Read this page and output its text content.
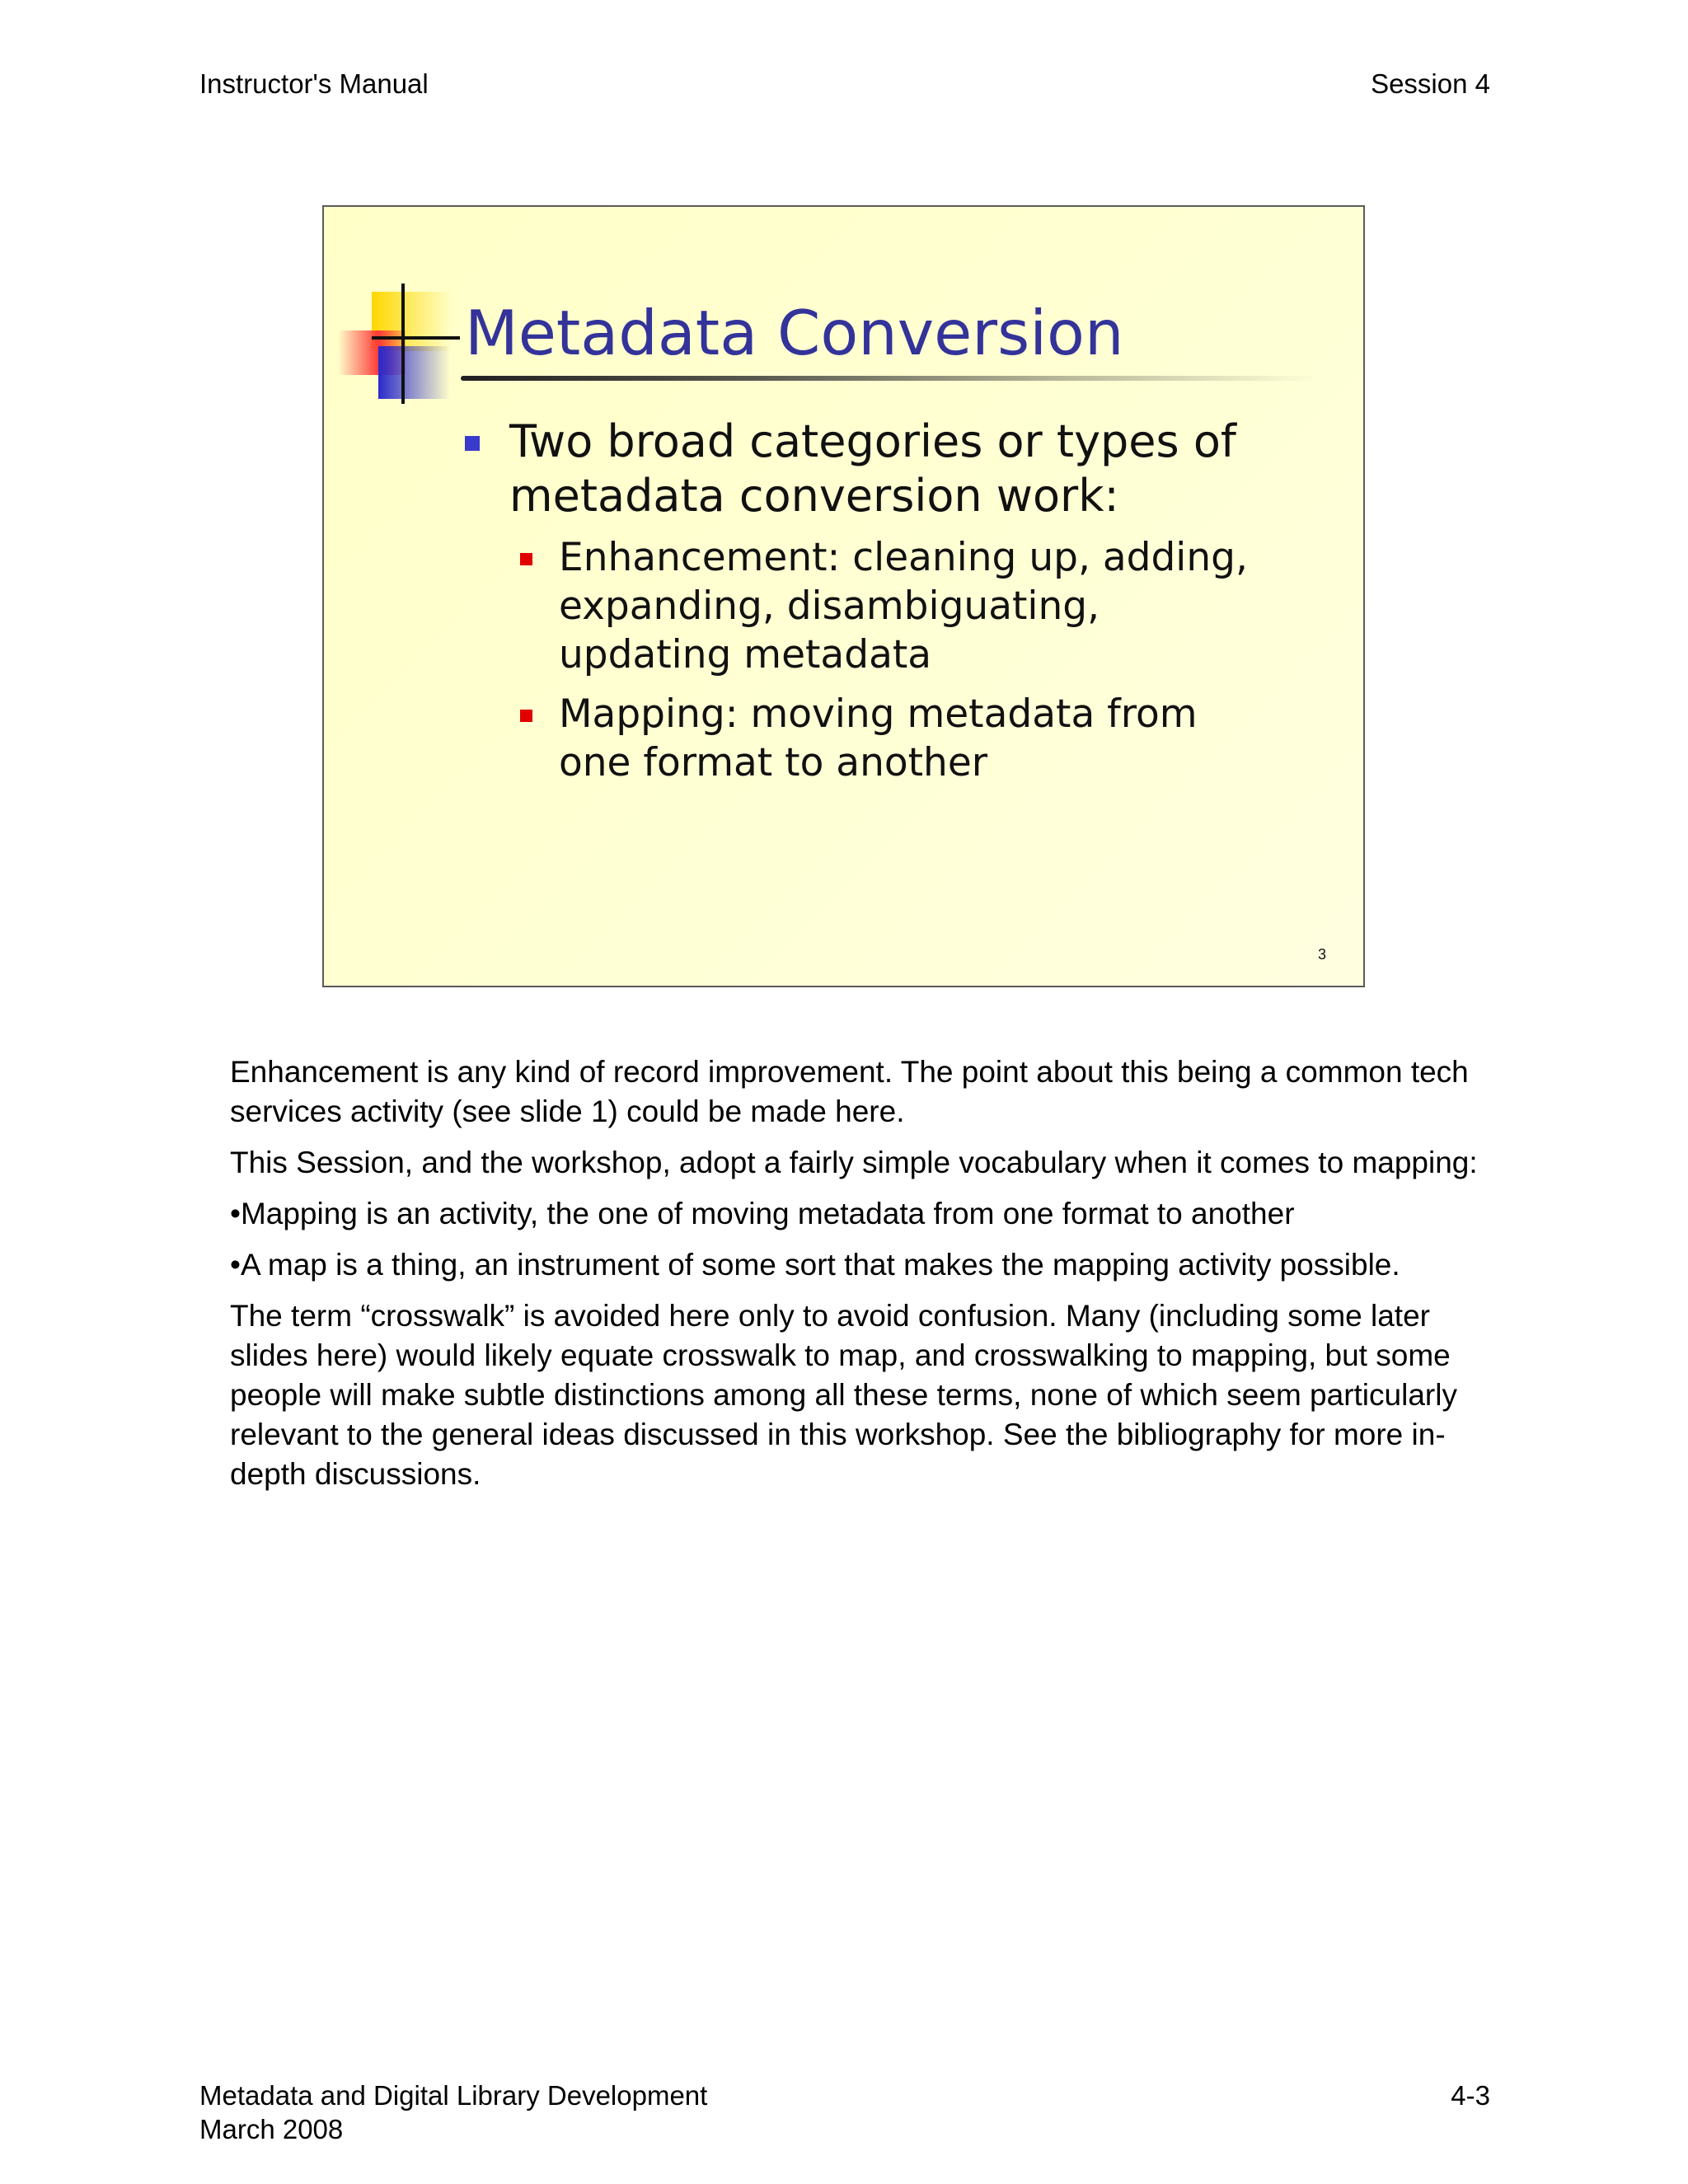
Instructor's Manual	Session 4
Metadata Conversion
Two broad categories or types of metadata conversion work:
Enhancement: cleaning up, adding, expanding, disambiguating, updating metadata
Mapping: moving metadata from one format to another
3

Enhancement is any kind of record improvement. The point about this being a common tech services activity (see slide 1) could be made here.

This Session, and the workshop, adopt a fairly simple vocabulary when it comes to mapping:

•Mapping is an activity, the one of moving metadata from one format to another

•A map is a thing, an instrument of some sort that makes the mapping activity possible.

The term “crosswalk” is avoided here only to avoid confusion. Many (including some later slides here) would likely equate crosswalk to map, and crosswalking to mapping, but some people will make subtle distinctions among all these terms, none of which seem particularly relevant to the general ideas discussed in this workshop. See the bibliography for more in-depth discussions.

Metadata and Digital Library Development
March 2008
4-3
